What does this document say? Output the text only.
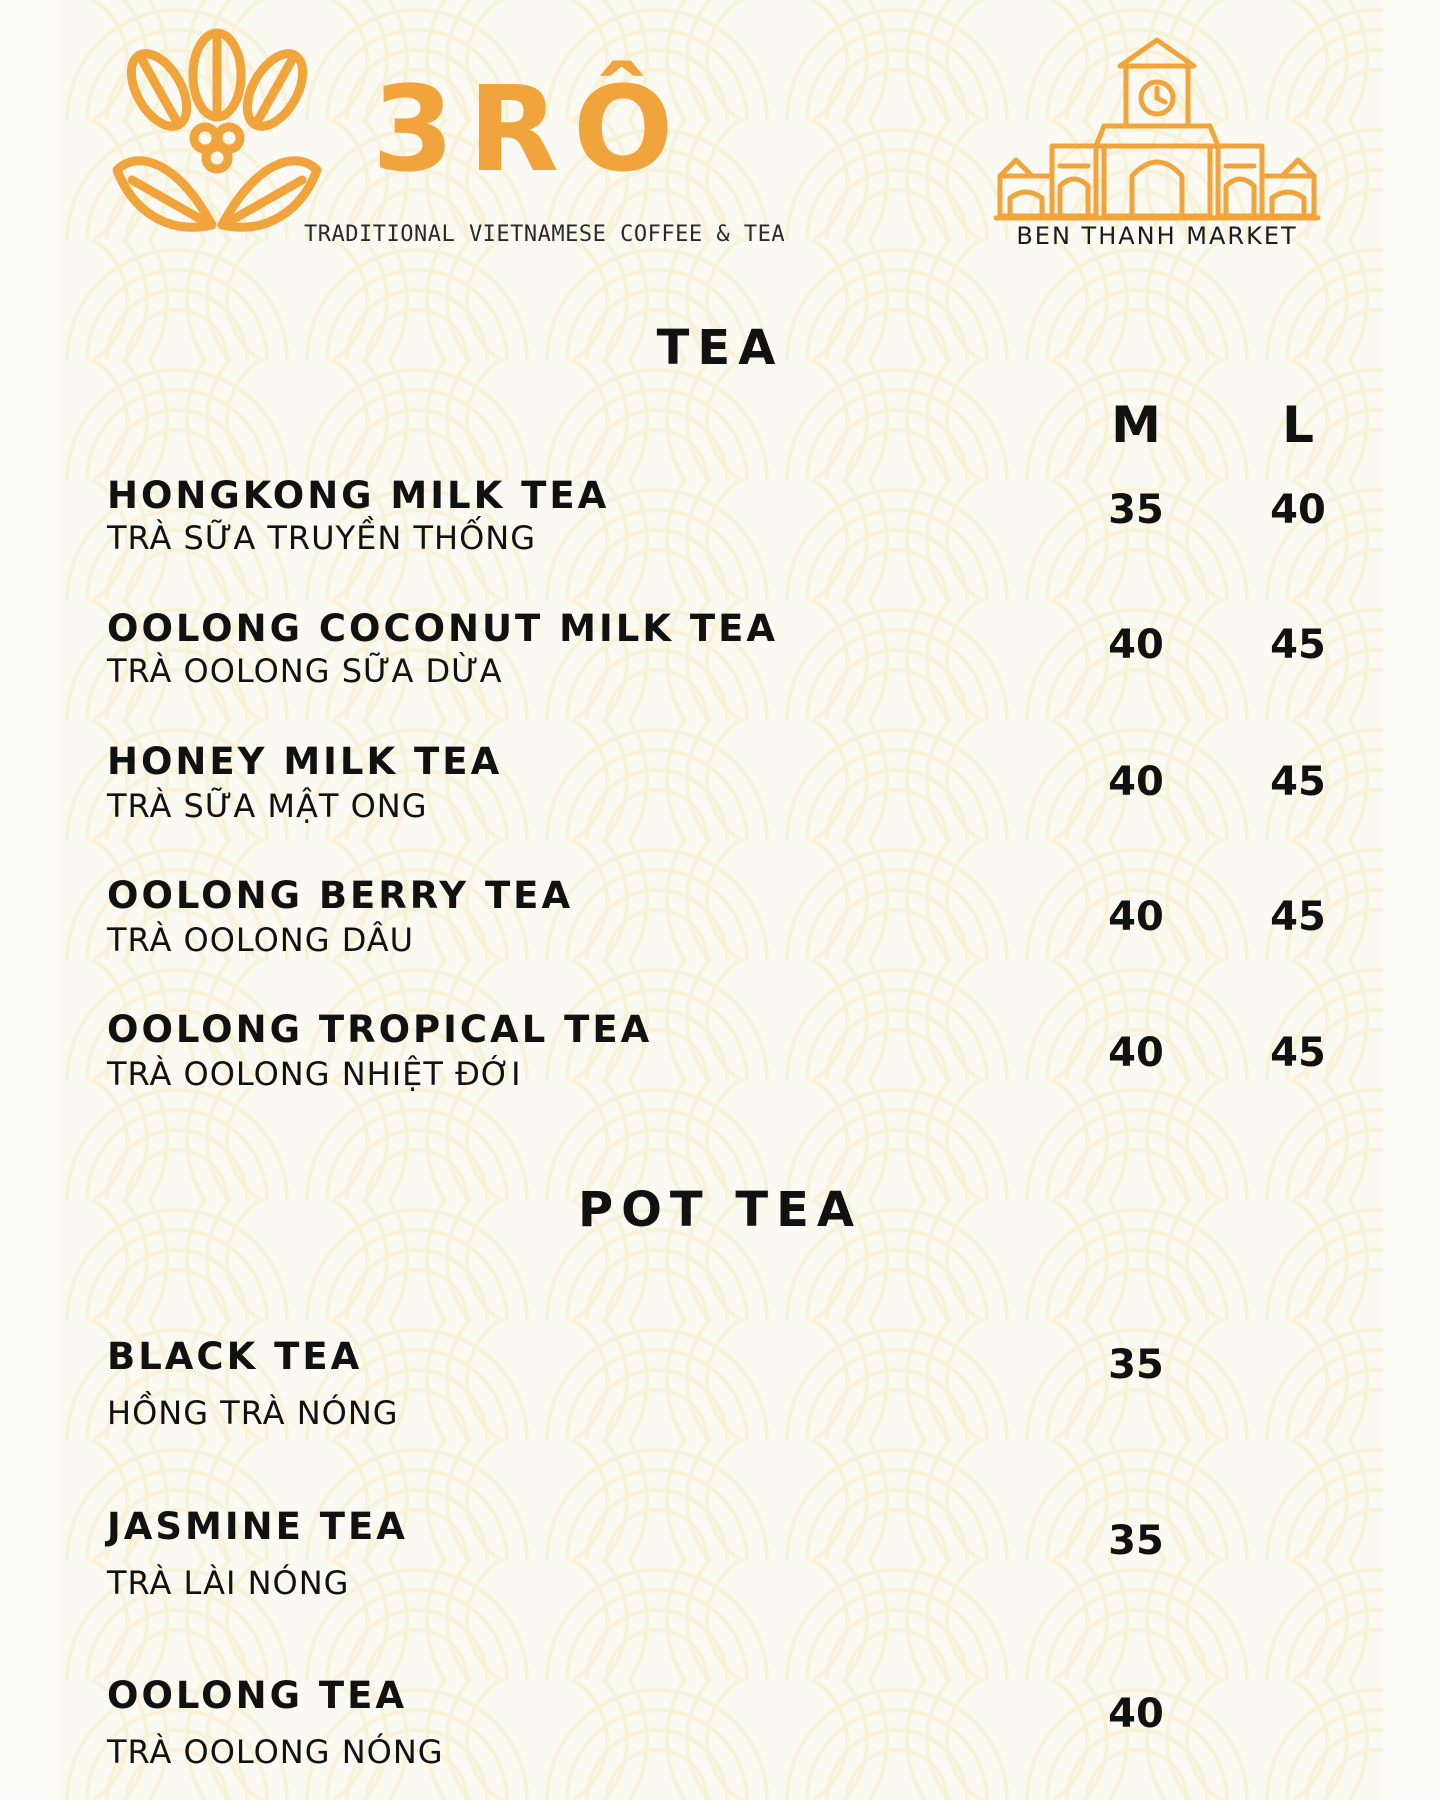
3RÔ
TRADITIONAL VIETNAMESE COFFEE & TEA	BEN THANH MARKET
TEA
M	L
HONGKONG MILK TEA
TRÀ SỮA TRUYỀN THỐNG
35	40
OOLONG COCONUT MILK TEA
TRÀ OOLONG SỮA DỪA
40	45
HONEY MILK TEA
TRÀ SỮA MẬT ONG
40	45
OOLONG BERRY TEA
TRÀ OOLONG DÂU	40	45
OOLONG TROPICAL TEA
TRÀ OOLONG NHIỆT ĐỚI	40	45
POT TEA
BLACK TEA
HỒNG TRÀ NÓNG
35
JASMINE TEA
TRÀ LÀI NÓNG
35
OOLONG TEA
TRÀ OOLONG NÓNG
40
